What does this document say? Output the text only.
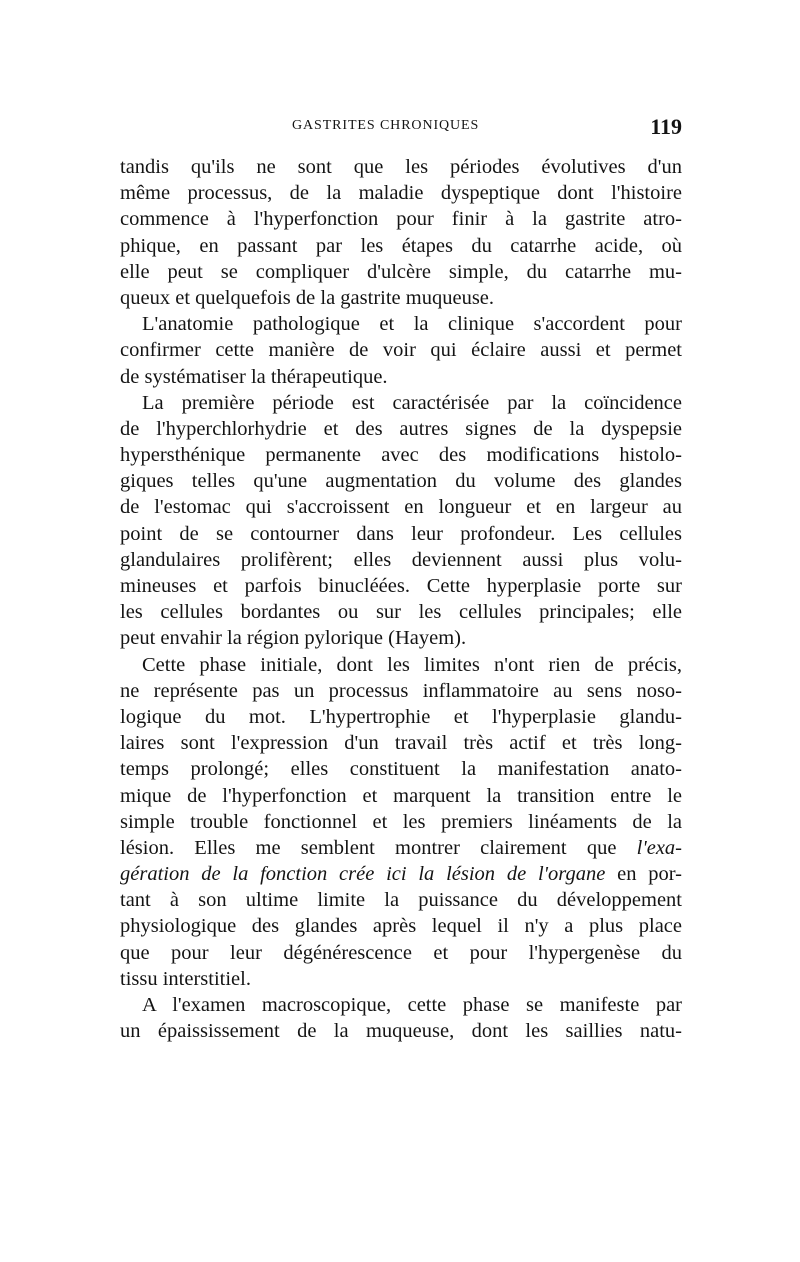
GASTRITES CHRONIQUES	119
tandis qu'ils ne sont que les périodes évolutives d'un
même processus, de la maladie dyspeptique dont l'histoire
commence à l'hyperfonction pour finir à la gastrite atro-
phique, en passant par les étapes du catarrhe acide, où
elle peut se compliquer d'ulcère simple, du catarrhe mu-
queux et quelquefois de la gastrite muqueuse.
L'anatomie pathologique et la clinique s'accordent pour
confirmer cette manière de voir qui éclaire aussi et permet
de systématiser la thérapeutique.
La première période est caractérisée par la coïncidence
de l'hyperchlorhydrie et des autres signes de la dyspepsie
hypersthénique permanente avec des modifications histolo-
giques telles qu'une augmentation du volume des glandes
de l'estomac qui s'accroissent en longueur et en largeur au
point de se contourner dans leur profondeur. Les cellules
glandulaires prolifèrent; elles deviennent aussi plus volu-
mineuses et parfois binucléées. Cette hyperplasie porte sur
les cellules bordantes ou sur les cellules principales; elle
peut envahir la région pylorique (Hayem).
Cette phase initiale, dont les limites n'ont rien de précis,
ne représente pas un processus inflammatoire au sens noso-
logique du mot. L'hypertrophie et l'hyperplasie glandu-
laires sont l'expression d'un travail très actif et très long-
temps prolongé; elles constituent la manifestation anato-
mique de l'hyperfonction et marquent la transition entre le
simple trouble fonctionnel et les premiers linéaments de la
lésion. Elles me semblent montrer clairement que l'exa-
gération de la fonction crée ici la lésion de l'organe en por-
tant à son ultime limite la puissance du développement
physiologique des glandes après lequel il n'y a plus place
que pour leur dégénérescence et pour l'hypergenèse du
tissu interstitiel.
A l'examen macroscopique, cette phase se manifeste par
un épaississement de la muqueuse, dont les saillies natu-
